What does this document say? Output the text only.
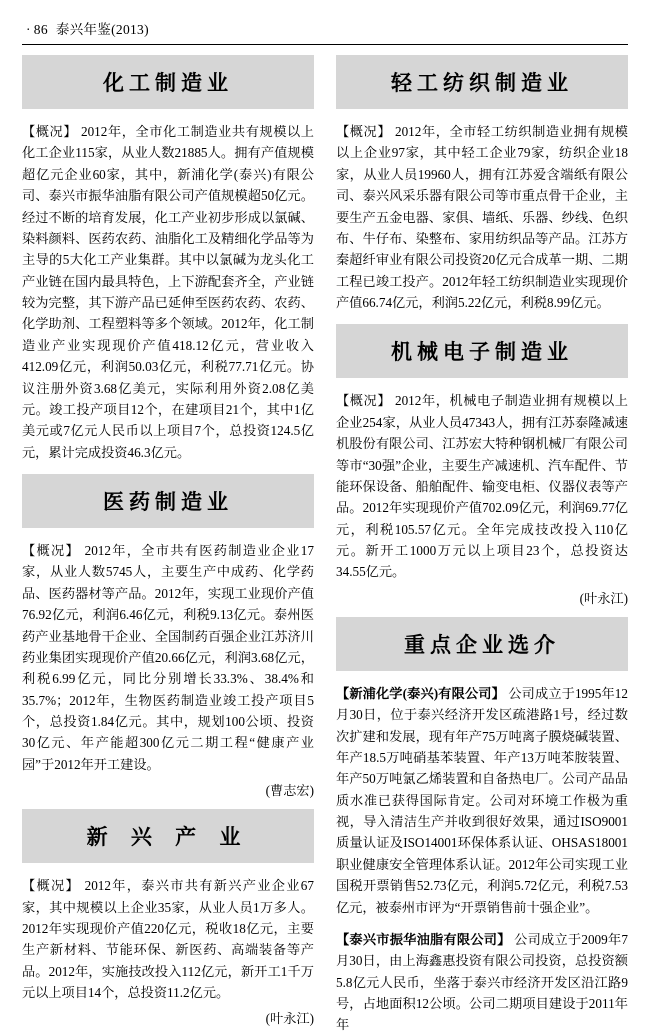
· 86 泰兴年鉴(2013)
化工制造业

【概况】 2012年，全市化工制造业共有规模以上化工企业115家，从业人数21885人。拥有产值规模超亿元企业60家，其中，新浦化学(泰兴)有限公司、泰兴市振华油脂有限公司产值规模超50亿元。经过不断的培育发展，化工产业初步形成以氯碱、染料颜料、医药农药、油脂化工及精细化学品等为主导的5大化工产业集群。其中以氯碱为龙头化工产业链在国内最具特色，上下游配套齐全，产业链较为完整，其下游产品已延伸至医药农药、农药、化学助剂、工程塑料等多个领域。2012年，化工制造业产业实现现价产值418.12亿元，营业收入412.09亿元，利润50.03亿元，利税77.71亿元。协议注册外资3.68亿美元，实际利用外资2.08亿美元。竣工投产项目12个，在建项目21个，其中1亿美元或7亿元人民币以上项目7个，总投资124.5亿元，累计完成投资46.3亿元。

医药制造业

【概况】 2012年，全市共有医药制造业企业17家，从业人数5745人，主要生产中成药、化学药品、医药器材等产品。2012年，实现工业现价产值76.92亿元，利润6.46亿元，利税9.13亿元。泰州医药产业基地骨干企业、全国制药百强企业江苏济川药业集团实现现价产值20.66亿元，利润3.68亿元，利税6.99亿元，同比分别增长33.3%、38.4%和35.7%；2012年，生物医药制造业竣工投产项目5个，总投资1.84亿元。其中，规划100公顷、投资30亿元、年产能超300亿元二期工程“健康产业园”于2012年开工建设。

(曹志宏)
新 兴 产 业

【概况】 2012年，泰兴市共有新兴产业企业67家，其中规模以上企业35家，从业人员1万多人。2012年实现现价产值220亿元，税收18亿元，主要生产新材料、节能环保、新医药、高端装备等产品。2012年，实施技改投入112亿元，新开工1千万元以上项目14个，总投资11.2亿元。

(叶永江)
轻工纺织制造业

【概况】 2012年，全市轻工纺织制造业拥有规模以上企业97家，其中轻工企业79家，纺织企业18家，从业人员19960人，拥有江苏爱含端纸有限公司、泰兴风采乐器有限公司等市重点骨干企业，主要生产五金电器、家俱、墙纸、乐器、纱线、色织布、牛仔布、染整布、家用纺织品等产品。江苏方秦超纤审业有限公司投资20亿元合成革一期、二期工程已竣工投产。2012年轻工纺织制造业实现现价产值66.74亿元，利润5.22亿元，利税8.99亿元。

机械电子制造业

【概况】 2012年，机械电子制造业拥有规模以上企业254家，从业人员47343人，拥有江苏泰隆减速机股份有限公司、江苏宏大特种钢机械厂有限公司等市“30强”企业，主要生产减速机、汽车配件、节能环保设备、船舶配件、输变电柜、仪器仪表等产品。2012年实现现价产值702.09亿元，利润69.77亿元，利税105.57亿元。全年完成技改投入110亿元。新开工1000万元以上项目23个，总投资达34.55亿元。

(叶永江)
重点企业选介

【新浦化学(泰兴)有限公司】 公司成立于1995年12月30日，位于泰兴经济开发区疏港路1号，经过数次扩建和发展，现有年产75万吨离子膜烧碱装置、年产18.5万吨硝基苯装置、年产13万吨苯胺装置、年产50万吨氯乙烯装置和自备热电厂。公司产品品质水准已获得国际肯定。公司对环境工作极为重视，导入清洁生产并收到很好效果，通过ISO9001质量认证及ISO14001环保体系认证、OHSAS18001职业健康安全管理体系认证。2012年公司实现工业国税开票销售52.73亿元，利润5.72亿元，利税7.53亿元，被泰州市评为“开票销售前十强企业”。

【泰兴市振华油脂有限公司】 公司成立于2009年7月30日，由上海鑫惠投资有限公司投资，总投资额5.8亿元人民币，坐落于泰兴市经济开发区沿江路9号，占地面积12公顷。公司二期项目建设于2011年年
